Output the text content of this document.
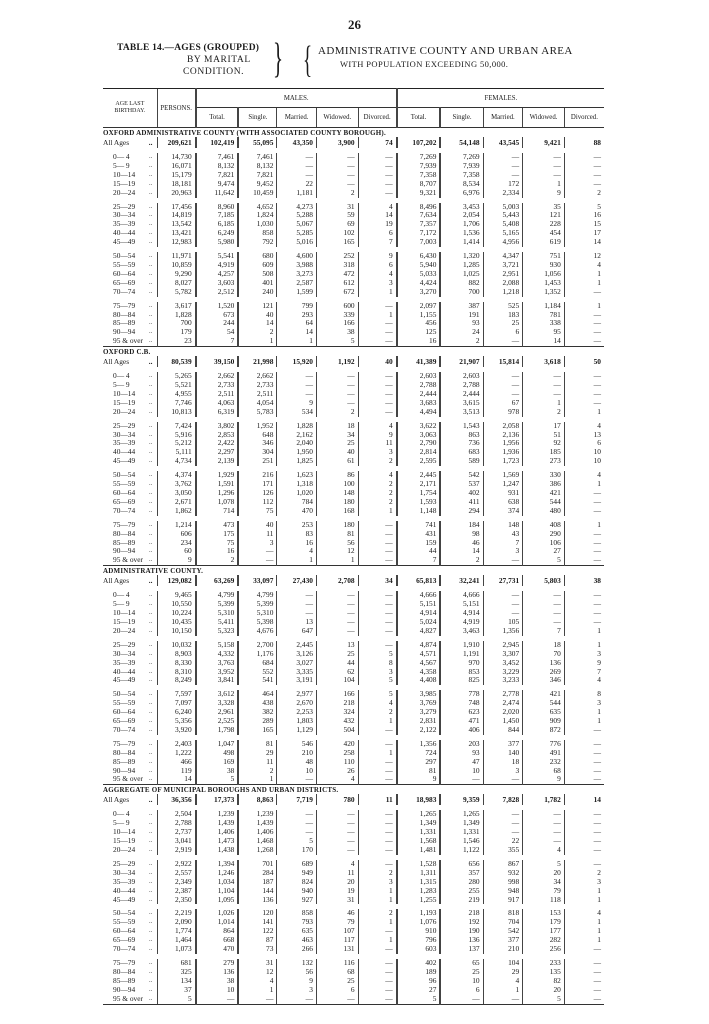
26
TABLE 14.—AGES (GROUPED)
BY MARITAL
CONDITION. } { ADMINISTRATIVE COUNTY AND URBAN AREA
WITH POPULATION EXCEEDING 50,000.
AGE LAST BIRTHDAY.		PERSONS.	MALES.					FEMALES.				
			Total.	Single.	Married.	Widowed.	Divorced.	Total.	Single.	Married.	Widowed.	Divorced.
OXFORD ADMINISTRATIVE COUNTY (WITH ASSOCIATED COUNTY BOROUGH).												
All Ages	..	209,621	102,419	55,095	43,350	3,900	74	107,202	54,148	43,545	9,421	88

0— 4	..	14,730	7,461	7,461	—	—	—	7,269	7,269	—	—	—
5— 9	..	16,071	8,132	8,132	—	—	—	7,939	7,939	—	—	—
10—14	..	15,179	7,821	7,821	—	—	—	7,358	7,358	—	—	—
15—19	..	18,181	9,474	9,452	22	—	—	8,707	8,534	172	1	—
20—24	..	20,963	11,642	10,459	1,181	2	—	9,321	6,976	2,334	9	2

25—29	..	17,456	8,960	4,652	4,273	31	4	8,496	3,453	5,003	35	5
30—34	..	14,819	7,185	1,824	5,288	59	14	7,634	2,054	5,443	121	16
35—39	..	13,542	6,185	1,030	5,067	69	19	7,357	1,706	5,408	228	15
40—44	..	13,421	6,249	858	5,285	102	6	7,172	1,536	5,165	454	17
45—49	..	12,983	5,980	792	5,016	165	7	7,003	1,414	4,956	619	14

50—54	..	11,971	5,541	680	4,600	252	9	6,430	1,320	4,347	751	12
55—59	..	10,859	4,919	609	3,988	318	6	5,940	1,285	3,721	930	4
60—64	..	9,290	4,257	508	3,273	472	4	5,033	1,025	2,951	1,056	1
65—69	..	8,027	3,603	401	2,587	612	3	4,424	882	2,088	1,453	1
70—74	..	5,782	2,512	240	1,599	672	1	3,270	700	1,218	1,352	—

75—79	..	3,617	1,520	121	799	600	—	2,097	387	525	1,184	1
80—84	..	1,828	673	40	293	339	1	1,155	191	183	781	—
85—89	..	700	244	14	64	166	—	456	93	25	338	—
90—94	..	179	54	2	14	38	—	125	24	6	95	—
95 & over	..	23	7	1	1	5	—	16	2	—	14	—
OXFORD C.B.												
All Ages	..	80,539	39,150	21,998	15,920	1,192	40	41,389	21,907	15,814	3,618	50

0— 4	..	5,265	2,662	2,662	—	—	—	2,603	2,603	—	—	—
5— 9	..	5,521	2,733	2,733	—	—	—	2,788	2,788	—	—	—
10—14	..	4,955	2,511	2,511	—	—	—	2,444	2,444	—	—	—
15—19	..	7,746	4,063	4,054	9	—	—	3,683	3,615	67	1	—
20—24	..	10,813	6,319	5,783	534	2	—	4,494	3,513	978	2	1

25—29	..	7,424	3,802	1,952	1,828	18	4	3,622	1,543	2,058	17	4
30—34	..	5,916	2,853	648	2,162	34	9	3,063	863	2,136	51	13
35—39	..	5,212	2,422	346	2,040	25	11	2,790	736	1,956	92	6
40—44	..	5,111	2,297	304	1,950	40	3	2,814	683	1,936	185	10
45—49	..	4,734	2,139	251	1,825	61	2	2,595	589	1,723	273	10

50—54	..	4,374	1,929	216	1,623	86	4	2,445	542	1,569	330	4
55—59	..	3,762	1,591	171	1,318	100	2	2,171	537	1,247	386	1
60—64	..	3,050	1,296	126	1,020	148	2	1,754	402	931	421	—
65—69	..	2,671	1,078	112	784	180	2	1,593	411	638	544	—
70—74	..	1,862	714	75	470	168	1	1,148	294	374	480	—

75—79	..	1,214	473	40	253	180	—	741	184	148	408	1
80—84	..	606	175	11	83	81	—	431	98	43	290	—
85—89	..	234	75	3	16	56	—	159	46	7	106	—
90—94	..	60	16	—	4	12	—	44	14	3	27	—
95 & over	..	9	2	—	1	1	—	7	2	—	5	—
ADMINISTRATIVE COUNTY.												
All Ages	..	129,082	63,269	33,097	27,430	2,708	34	65,813	32,241	27,731	5,803	38

0— 4	..	9,465	4,799	4,799	—	—	—	4,666	4,666	—	—	—
5— 9	..	10,550	5,399	5,399	—	—	—	5,151	5,151	—	—	—
10—14	..	10,224	5,310	5,310	—	—	—	4,914	4,914	—	—	—
15—19	..	10,435	5,411	5,398	13	—	—	5,024	4,919	105	—	—
20—24	..	10,150	5,323	4,676	647	—	—	4,827	3,463	1,356	7	1

25—29	..	10,032	5,158	2,700	2,445	13	—	4,874	1,910	2,945	18	1
30—34	..	8,903	4,332	1,176	3,126	25	5	4,571	1,191	3,307	70	3
35—39	..	8,330	3,763	684	3,027	44	8	4,567	970	3,452	136	9
40—44	..	8,310	3,952	552	3,335	62	3	4,358	853	3,229	269	7
45—49	..	8,249	3,841	541	3,191	104	5	4,408	825	3,233	346	4

50—54	..	7,597	3,612	464	2,977	166	5	3,985	778	2,778	421	8
55—59	..	7,097	3,328	438	2,670	218	4	3,769	748	2,474	544	3
60—64	..	6,240	2,961	382	2,253	324	2	3,279	623	2,020	635	1
65—69	..	5,356	2,525	289	1,803	432	1	2,831	471	1,450	909	1
70—74	..	3,920	1,798	165	1,129	504	—	2,122	406	844	872	—

75—79	..	2,403	1,047	81	546	420	—	1,356	203	377	776	—
80—84	..	1,222	498	29	210	258	1	724	93	140	491	—
85—89	..	466	169	11	48	110	—	297	47	18	232	—
90—94	..	119	38	2	10	26	—	81	10	3	68	—
95 & over	..	14	5	1	—	4	—	9	—	—	9	—
AGGREGATE OF MUNICIPAL BOROUGHS AND URBAN DISTRICTS.												
All Ages	..	36,356	17,373	8,863	7,719	780	11	18,983	9,359	7,828	1,782	14

0— 4	..	2,504	1,239	1,239	—	—	—	1,265	1,265	—	—	—
5— 9	..	2,788	1,439	1,439	—	—	—	1,349	1,349	—	—	—
10—14	..	2,737	1,406	1,406	—	—	—	1,331	1,331	—	—	—
15—19	..	3,041	1,473	1,468	5	—	—	1,568	1,546	22	—	—
20—24	..	2,919	1,438	1,268	170	—	—	1,481	1,122	355	4	—

25—29	..	2,922	1,394	701	689	4	—	1,528	656	867	5	—
30—34	..	2,557	1,246	284	949	11	2	1,311	357	932	20	2
35—39	..	2,349	1,034	187	824	20	3	1,315	280	998	34	3
40—44	..	2,387	1,104	144	940	19	1	1,283	255	948	79	1
45—49	..	2,350	1,095	136	927	31	1	1,255	219	917	118	1

50—54	..	2,219	1,026	120	858	46	2	1,193	218	818	153	4
55—59	..	2,090	1,014	141	793	79	1	1,076	192	704	179	1
60—64	..	1,774	864	122	635	107	—	910	190	542	177	1
65—69	..	1,464	668	87	463	117	1	796	136	377	282	1
70—74	..	1,073	470	73	266	131	—	603	137	210	256	—

75—79	..	681	279	31	132	116	—	402	65	104	233	—
80—84	..	325	136	12	56	68	—	189	25	29	135	—
85—89	..	134	38	4	9	25	—	96	10	4	82	—
90—94	..	37	10	1	3	6	—	27	6	1	20	—
95 & over	..	5	—	—	—	—	—	5	—	—	5	—
